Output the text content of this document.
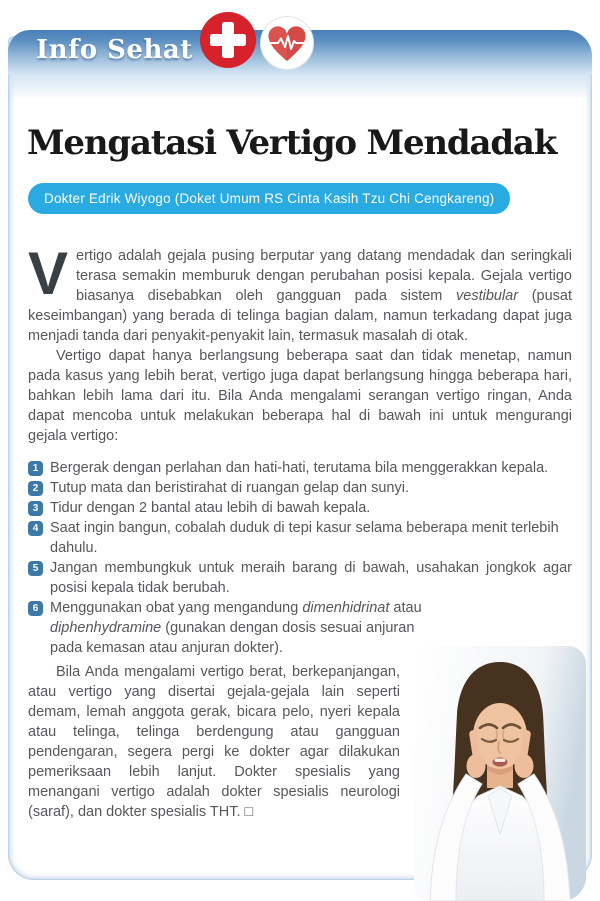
Info Sehat
Mengatasi Vertigo Mendadak
Dokter Edrik Wiyogo (Doket Umum RS Cinta Kasih Tzu Chi Cengkareng)

Vertigo adalah gejala pusing berputar yang datang mendadak dan seringkali terasa semakin memburuk dengan perubahan posisi kepala. Gejala vertigo biasanya disebabkan oleh gangguan pada sistem vestibular (pusat keseimbangan) yang berada di telinga bagian dalam, namun terkadang dapat juga menjadi tanda dari penyakit-penyakit lain, termasuk masalah di otak.

Vertigo dapat hanya berlangsung beberapa saat dan tidak menetap, namun pada kasus yang lebih berat, vertigo juga dapat berlangsung hingga beberapa hari, bahkan lebih lama dari itu. Bila Anda mengalami serangan vertigo ringan, Anda dapat mencoba untuk melakukan beberapa hal di bawah ini untuk mengurangi gejala vertigo:

1 Bergerak dengan perlahan dan hati-hati, terutama bila menggerakkan kepala.
2 Tutup mata dan beristirahat di ruangan gelap dan sunyi.
3 Tidur dengan 2 bantal atau lebih di bawah kepala.
4 Saat ingin bangun, cobalah duduk di tepi kasur selama beberapa menit terlebih dahulu.
5 Jangan membungkuk untuk meraih barang di bawah, usahakan jongkok agar posisi kepala tidak berubah.
6 Menggunakan obat yang mengandung dimenhidrinat atau diphenhydramine (gunakan dengan dosis sesuai anjuran pada kemasan atau anjuran dokter).

Bila Anda mengalami vertigo berat, berkepanjangan, atau vertigo yang disertai gejala-gejala lain seperti demam, lemah anggota gerak, bicara pelo, nyeri kepala atau telinga, telinga berdengung atau gangguan pendengaran, segera pergi ke dokter agar dilakukan pemeriksaan lebih lanjut. Dokter spesialis yang menangani vertigo adalah dokter spesialis neurologi (saraf), dan dokter spesialis THT. □
